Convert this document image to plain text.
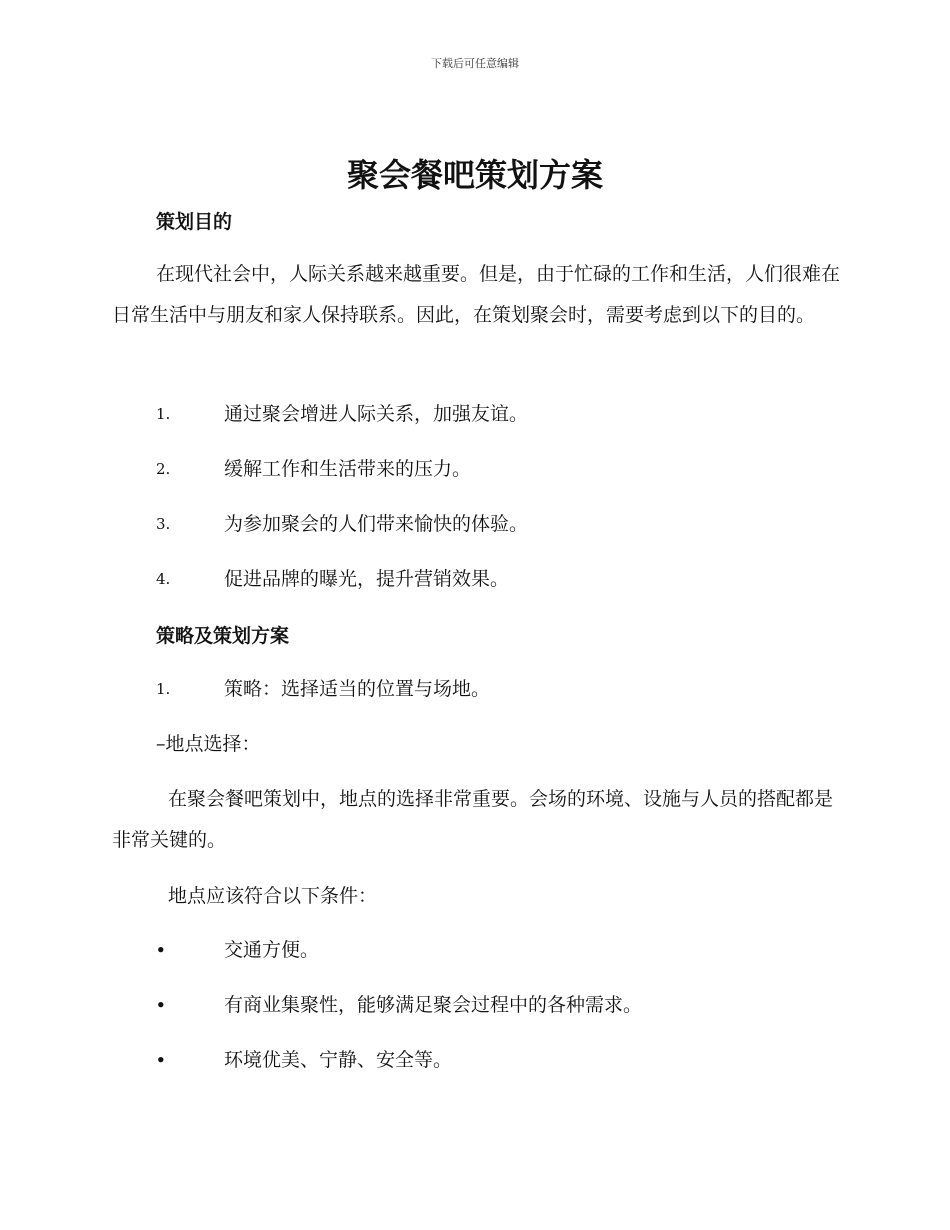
下载后可任意编辑
聚会餐吧策划方案
策划目的

在现代社会中，人际关系越来越重要。但是，由于忙碌的工作和生活，人们很难在日常生活中与朋友和家人保持联系。因此，在策划聚会时，需要考虑到以下的目的。

1.	通过聚会增进人际关系，加强友谊。
2.	缓解工作和生活带来的压力。
3.	为参加聚会的人们带来愉快的体验。
4.	促进品牌的曝光，提升营销效果。
策略及策划方案
1.	策略：选择适当的位置与场地。
–地点选择：

在聚会餐吧策划中，地点的选择非常重要。会场的环境、设施与人员的搭配都是非常关键的。

地点应该符合以下条件：
•	交通方便。
•	有商业集聚性，能够满足聚会过程中的各种需求。
•	环境优美、宁静、安全等。
